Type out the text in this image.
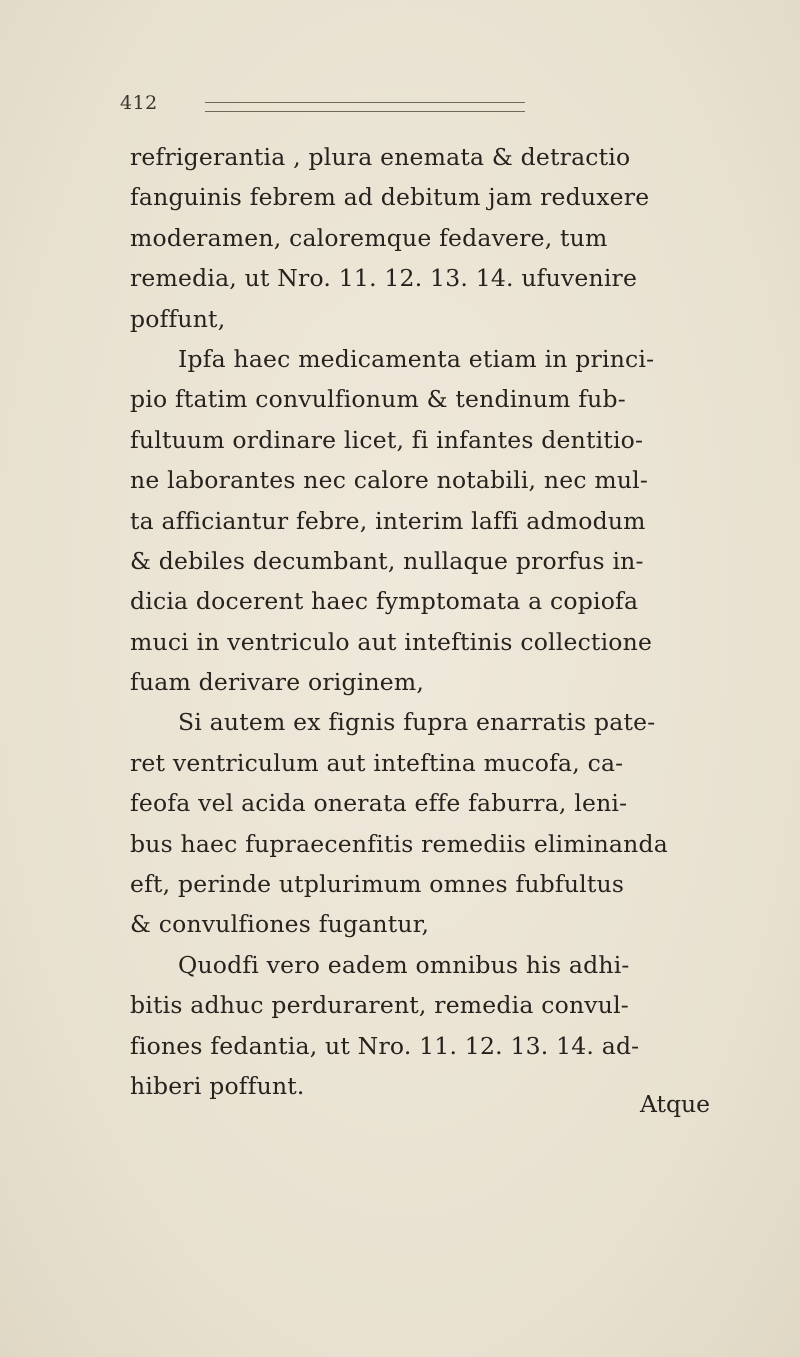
412
refrigerantia , plura enemata & detractio
fanguinis febrem ad debitum jam reduxere
moderamen, caloremque fedavere, tum
remedia, ut Nro. 11. 12. 13. 14. ufuvenire
poffunt,
Ipfa haec medicamenta etiam in princi-
pio ftatim convulfionum & tendinum fub-
fultuum ordinare licet, fi infantes dentitio-
ne laborantes nec calore notabili, nec mul-
ta afficiantur febre, interim laffi admodum
& debiles decumbant, nullaque prorfus in-
dicia docerent haec fymptomata a copiofa
muci in ventriculo aut inteftinis collectione
fuam derivare originem,
Si autem ex fignis fupra enarratis pate-
ret ventriculum aut inteftina mucofa, ca-
feofa vel acida onerata effe faburra, leni-
bus haec fupraecenfitis remediis eliminanda
eft, perinde utplurimum omnes fubfultus
& convulfiones fugantur,
Quodfi vero eadem omnibus his adhi-
bitis adhuc perdurarent, remedia convul-
fiones fedantia, ut Nro. 11. 12. 13. 14. ad-
hiberi poffunt.
Atque
